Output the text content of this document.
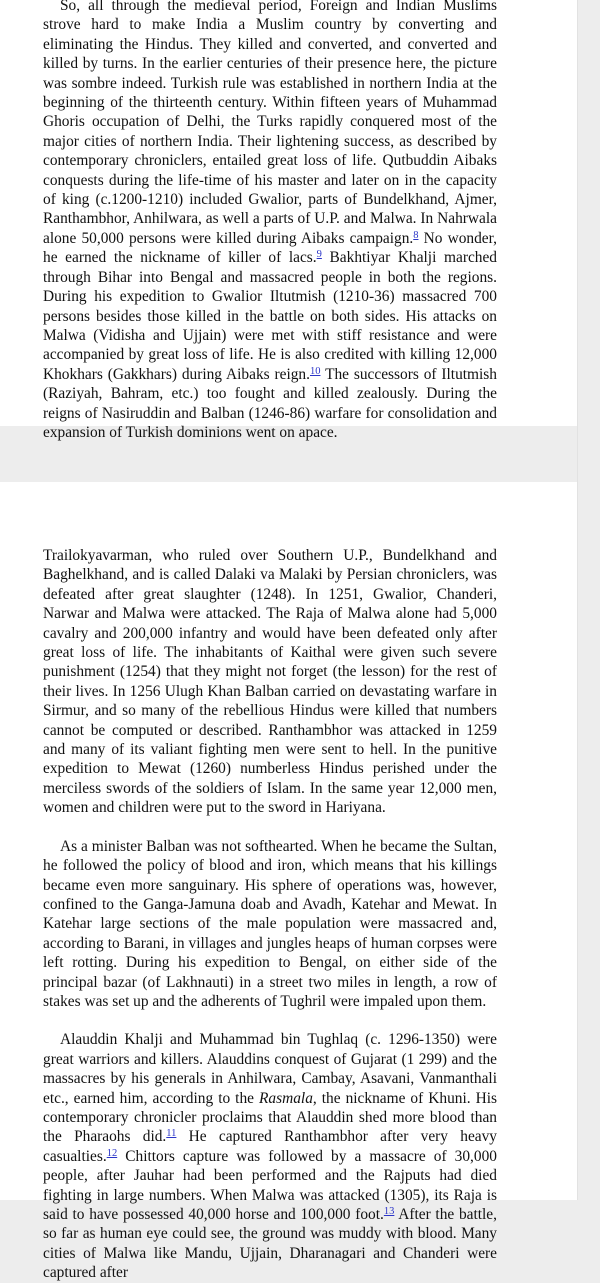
So, all through the medieval period, Foreign and Indian Muslims strove hard to make India a Muslim country by converting and eliminating the Hindus. They killed and converted, and converted and killed by turns. In the earlier centuries of their presence here, the picture was sombre indeed. Turkish rule was established in northern India at the beginning of the thirteenth century. Within fifteen years of Muhammad Ghoris occupation of Delhi, the Turks rapidly conquered most of the major cities of northern India. Their lightening success, as described by contemporary chroniclers, entailed great loss of life. Qutbuddin Aibaks conquests during the life-time of his master and later on in the capacity of king (c.1200-1210) included Gwalior, parts of Bundelkhand, Ajmer, Ranthambhor, Anhilwara, as well a parts of U.P. and Malwa. In Nahrwala alone 50,000 persons were killed during Aibaks campaign.$^8$ No wonder, he earned the nickname of killer of lacs.$^9$ Bakhtiyar Khalji marched through Bihar into Bengal and massacred people in both the regions. During his expedition to Gwalior Iltutmish (1210-36) massacred 700 persons besides those killed in the battle on both sides. His attacks on Malwa (Vidisha and Ujjain) were met with stiff resistance and were accompanied by great loss of life. He is also credited with killing 12,000 Khokhars (Gakkhars) during Aibaks reign.$^{10}$ The successors of Iltutmish (Raziyah, Bahram, etc.) too fought and killed zealously. During the reigns of Nasiruddin and Balban (1246-86) warfare for consolidation and expansion of Turkish dominions went on apace.

Trailokyavarman, who ruled over Southern U.P., Bundelkhand and Baghelkhand, and is called Dalaki va Malaki by Persian chroniclers, was defeated after great slaughter (1248). In 1251, Gwalior, Chanderi, Narwar and Malwa were attacked. The Raja of Malwa alone had 5,000 cavalry and 200,000 infantry and would have been defeated only after great loss of life. The inhabitants of Kaithal were given such severe punishment (1254) that they might not forget (the lesson) for the rest of their lives. In 1256 Ulugh Khan Balban carried on devastating warfare in Sirmur, and so many of the rebellious Hindus were killed that numbers cannot be computed or described. Ranthambhor was attacked in 1259 and many of its valiant fighting men were sent to hell. In the punitive expedition to Mewat (1260) numberless Hindus perished under the merciless swords of the soldiers of Islam. In the same year 12,000 men, women and children were put to the sword in Hariyana.

As a minister Balban was not softhearted. When he became the Sultan, he followed the policy of blood and iron, which means that his killings became even more sanguinary. His sphere of operations was, however, confined to the Ganga-Jamuna doab and Avadh, Katehar and Mewat. In Katehar large sections of the male population were massacred and, according to Barani, in villages and jungles heaps of human corpses were left rotting. During his expedition to Bengal, on either side of the principal bazar (of Lakhnauti) in a street two miles in length, a row of stakes was set up and the adherents of Tughril were impaled upon them.

Alauddin Khalji and Muhammad bin Tughlaq (c. 1296-1350) were great warriors and killers. Alauddins conquest of Gujarat (1 299) and the massacres by his generals in Anhilwara, Cambay, Asavani, Vanmanthali etc., earned him, according to the Rasmala, the nickname of Khuni. His contemporary chronicler proclaims that Alauddin shed more blood than the Pharaohs did.$^{11}$ He captured Ranthambhor after very heavy casualties.$^{12}$ Chittors capture was followed by a massacre of 30,000 people, after Jauhar had been performed and the Rajputs had died fighting in large numbers. When Malwa was attacked (1305), its Raja is said to have possessed 40,000 horse and 100,000 foot.$^{13}$ After the battle, so far as human eye could see, the ground was muddy with blood. Many cities of Malwa like Mandu, Ujjain, Dharanagari and Chanderi were captured after
